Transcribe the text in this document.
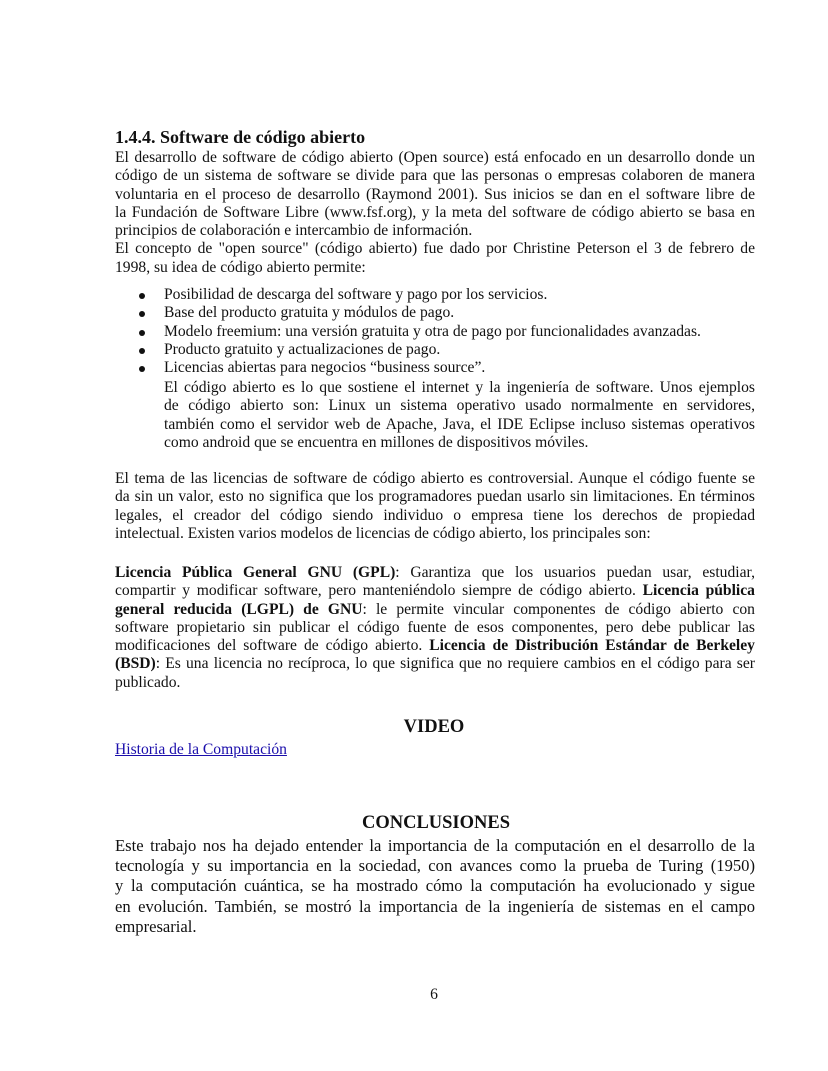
1.4.4. Software de código abierto
El desarrollo de software de código abierto (Open source) está enfocado en un desarrollo donde un
código de un sistema de software se divide para que las personas o empresas colaboren de manera
voluntaria en el proceso de desarrollo (Raymond 2001). Sus inicios se dan en el software libre de
la Fundación de Software Libre (www.fsf.org), y la meta del software de código abierto se basa en
principios de colaboración e intercambio de información.
El concepto de "open source" (código abierto) fue dado por Christine Peterson el 3 de febrero de
1998, su idea de código abierto permite:
Posibilidad de descarga del software y pago por los servicios.
Base del producto gratuita y módulos de pago.
Modelo freemium: una versión gratuita y otra de pago por funcionalidades avanzadas.
Producto gratuito y actualizaciones de pago.
Licencias abiertas para negocios “business source”.
El código abierto es lo que sostiene el internet y la ingeniería de software. Unos ejemplos
de código abierto son: Linux un sistema operativo usado normalmente en servidores,
también como el servidor web de Apache, Java, el IDE Eclipse incluso sistemas operativos
como android que se encuentra en millones de dispositivos móviles.
El tema de las licencias de software de código abierto es controversial. Aunque el código fuente se
da sin un valor, esto no significa que los programadores puedan usarlo sin limitaciones. En términos
legales, el creador del código siendo individuo o empresa tiene los derechos de propiedad
intelectual. Existen varios modelos de licencias de código abierto, los principales son:
Licencia Pública General GNU (GPL): Garantiza que los usuarios puedan usar, estudiar,
compartir y modificar software, pero manteniéndolo siempre de código abierto. Licencia pública
general reducida (LGPL) de GNU: le permite vincular componentes de código abierto con
software propietario sin publicar el código fuente de esos componentes, pero debe publicar las
modificaciones del software de código abierto. Licencia de Distribución Estándar de Berkeley
(BSD): Es una licencia no recíproca, lo que significa que no requiere cambios en el código para ser
publicado.
VIDEO
Historia de la Computación
CONCLUSIONES
Este trabajo nos ha dejado entender la importancia de la computación en el desarrollo de la
tecnología y su importancia en la sociedad, con avances como la prueba de Turing (1950)
y la computación cuántica, se ha mostrado cómo la computación ha evolucionado y sigue
en evolución. También, se mostró la importancia de la ingeniería de sistemas en el campo
empresarial.
6
